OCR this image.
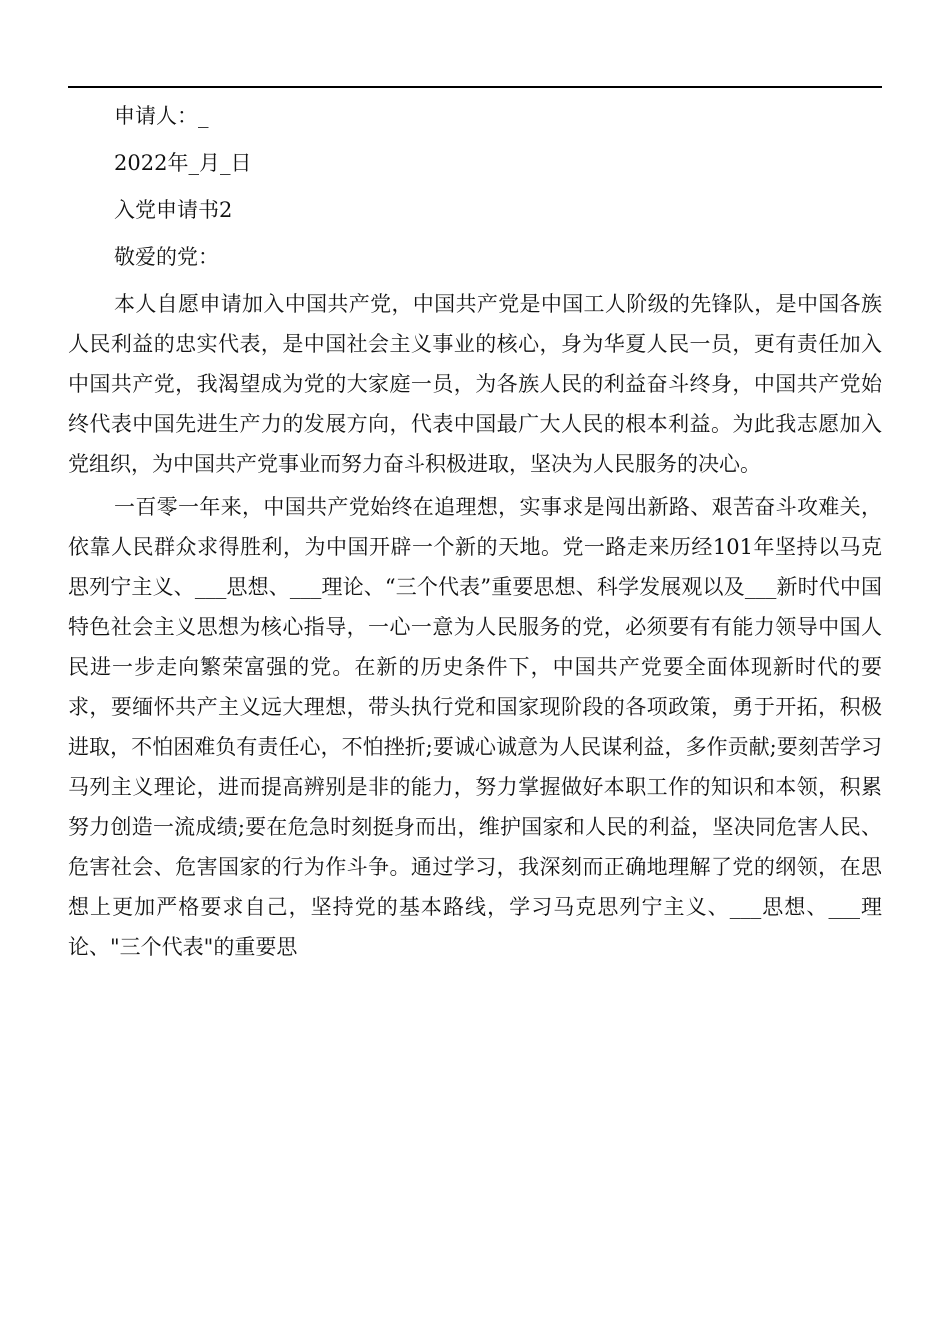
申请人：_
2022年_月_日
入党申请书2
敬爱的党：

本人自愿申请加入中国共产党，中国共产党是中国工人阶级的先锋队，是中国各族人民利益的忠实代表，是中国社会主义事业的核心，身为华夏人民一员，更有责任加入中国共产党，我渴望成为党的大家庭一员，为各族人民的利益奋斗终身，中国共产党始终代表中国先进生产力的发展方向，代表中国最广大人民的根本利益。为此我志愿加入党组织，为中国共产党事业而努力奋斗积极进取，坚决为人民服务的决心。

一百零一年来，中国共产党始终在追理想，实事求是闯出新路、艰苦奋斗攻难关，依靠人民群众求得胜利，为中国开辟一个新的天地。党一路走来历经101年坚持以马克思列宁主义、___思想、___理论、“三个代表”重要思想、科学发展观以及___新时代中国特色社会主义思想为核心指导，一心一意为人民服务的党，必须要有有能力领导中国人民进一步走向繁荣富强的党。在新的历史条件下，中国共产党要全面体现新时代的要求，要缅怀共产主义远大理想，带头执行党和国家现阶段的各项政策，勇于开拓，积极进取，不怕困难负有责任心，不怕挫折;要诚心诚意为人民谋利益，多作贡献;要刻苦学习马列主义理论，进而提高辨别是非的能力，努力掌握做好本职工作的知识和本领，积累努力创造一流成绩;要在危急时刻挺身而出，维护国家和人民的利益，坚决同危害人民、危害社会、危害国家的行为作斗争。通过学习，我深刻而正确地理解了党的纲领，在思想上更加严格要求自己，坚持党的基本路线，学习马克思列宁主义、___思想、___理论、"三个代表"的重要思
